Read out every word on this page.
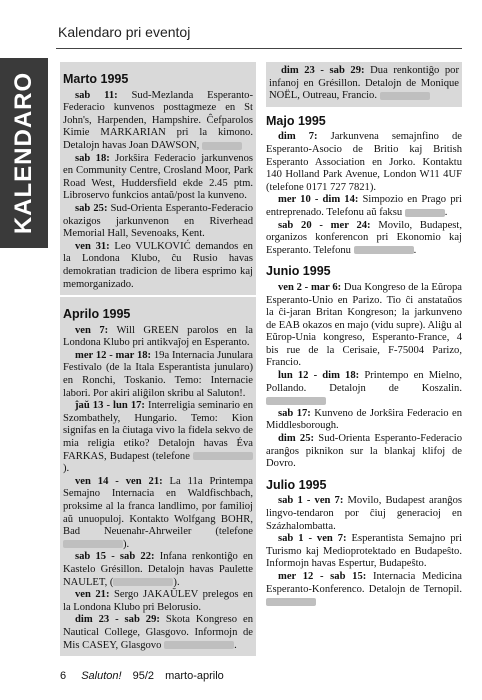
Kalendaro pri eventoj
KALENDARO Marto 1995

sab 11: Sud-Mezlanda Esperanto-Federacio kunvenos posttagmeze en St John's, Harpenden, Hampshire. Ĉefparolos Kimie MARKARIAN pri la kimono. Detalojn havas Joan DAWSON,

sab 18: Jorkŝira Federacio jarkunvenos en Community Centre, Crosland Moor, Park Road West, Huddersfield ekde 2.45 ptm. Libroservo funkcios antaŭ/post la kunveno.

sab 25: Sud-Orienta Esperanto-Federacio okazigos jarkunvenon en Riverhead Memorial Hall, Sevenoaks, Kent.

ven 31: Leo VULKOVIĆ demandos en la Londona Klubo, ĉu Rusio havas demokratian tradicion de libera esprimo kaj memorganizado.

Aprilo 1995

ven 7: Will GREEN parolos en la Londona Klubo pri antikvaĵoj en Esperanto.

mer 12 - mar 18: 19a Internacia Junulara Festivalo (de la Itala Esperantista junularo) en Ronchi, Toskanio. Temo: Internacie labori. Por akiri aliĝilon skribu al Saluton!.

ĵaŭ 13 - lun 17: Interreligia seminario en Szombathely, Hungario. Temo: Kion signifas en la ĉiutaga vivo la fidela sekvo de mia religia etiko? Detalojn havas Éva FARKAS, Budapest (telefone ).

ven 14 - ven 21: La 11a Printempa Semajno Internacia en Waldfischbach, proksime al la franca landlimo, por familioj aŭ unuopuloj. Kontakto Wolfgang BOHR, Bad Neuenahr-Ahrweiler (telefone ).

sab 15 - sab 22: Infana renkontiĝo en Kastelo Grésillon. Detalojn havas Paulette NAULET, (	).

ven 21: Sergo JAKAŬLEV prelegos en la Londona Klubo pri Belorusio.

dim 23 - sab 29: Skota Kongreso en Nautical College, Glasgovo. Informojn de Mis CASEY, Glasgovo	.

dim 23 - sab 29: Dua renkontiĝo por infanoj en Grésillon. Detalojn de Monique NOËL, Outreau, Francio.

Majo 1995

dim 7: Jarkunvena semajnfino de Esperanto-Asocio de Britio kaj British Esperanto Association en Jorko. Kontaktu 140 Holland Park Avenue, London W11 4UF (telefone 0171 727 7821).

mer 10 - dim 14: Simpozio en Prago pri entreprenado. Telefonu aŭ faksu	.

sab 20 - mer 24: Movilo, Budapest, organizos konferencon pri Ekonomio kaj Esperanto. Telefonu	.

Junio 1995

ven 2 - mar 6: Dua Kongreso de la Eŭropa Esperanto-Unio en Parizo. Tio ĉi anstataŭos la ĉi-jaran Britan Kongreson; la jarkunveno de EAB okazos en majo (vidu supre). Aliĝu al Eŭrop-Unia kongreso, Esperanto-France, 4 bis rue de la Cerisaie, F-75004 Parizo, Francio.

lun 12 - dim 18: Printempo en Mielno, Pollando. Detalojn de Koszalin.

sab 17: Kunveno de Jorkŝira Federacio en Middlesborough.

dim 25: Sud-Orienta Esperanto-Federacio aranĝos piknikon sur la blankaj klifoj de Dovro.

Julio 1995

sab 1 - ven 7: Movilo, Budapest aranĝos lingvo-tendaron por ĉiuj generacioj en Százhalombatta.

sab 1 - ven 7: Esperantista Semajno pri Turismo kaj Medioprotektado en Budapeŝto. Informojn havas Espertur, Budapeŝto.

mer 12 - sab 15: Internacia Medicina Esperanto-Konferenco. Detalojn de Ternopil.

6 Saluton! 95/2 marto-aprilo
